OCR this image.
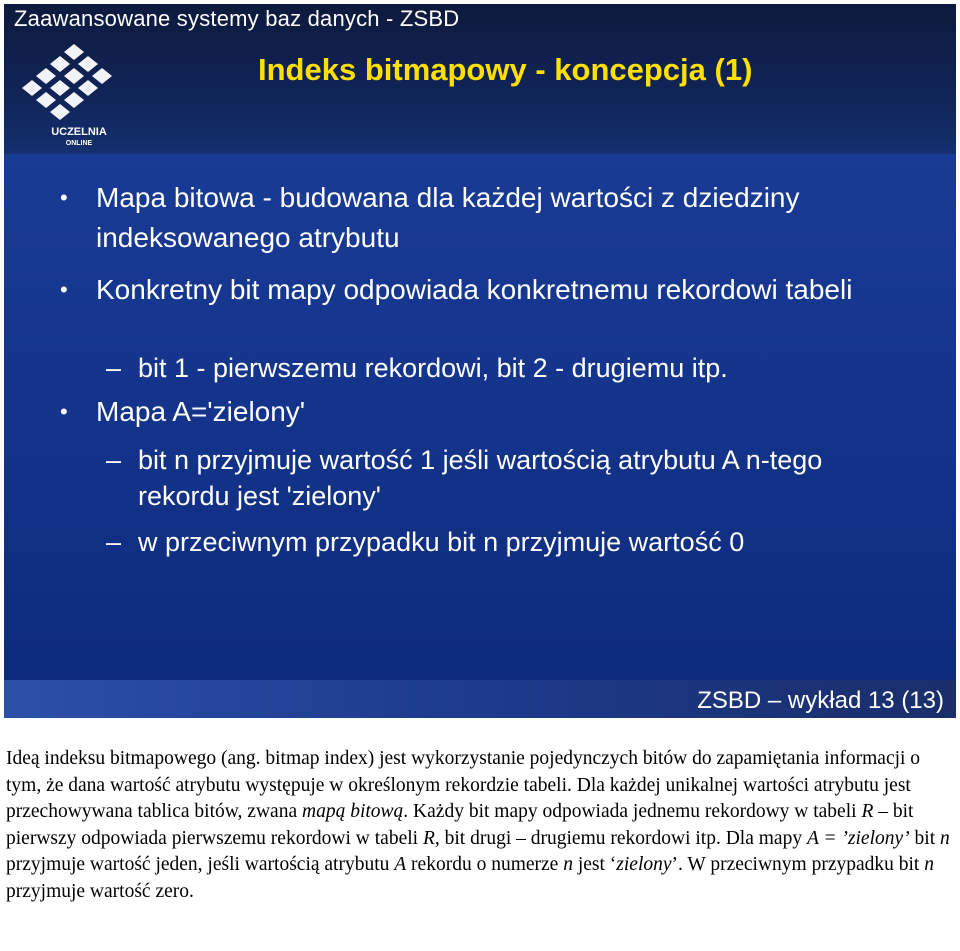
Zaawansowane systemy baz danych - ZSBD
UCZELNIA
ONLINE
Indeks bitmapowy - koncepcja (1)
• Mapa bitowa - budowana dla każdej wartości z dziedziny indeksowanego atrybutu
• Konkretny bit mapy odpowiada konkretnemu rekordowi tabeli
– bit 1 - pierwszemu rekordowi, bit 2 - drugiemu itp.
• Mapa A='zielony'
– bit n przyjmuje wartość 1 jeśli wartością atrybutu A n-tego rekordu jest 'zielony'
– w przeciwnym przypadku bit n przyjmuje wartość 0
ZSBD – wykład 13 (13)
Ideą indeksu bitmapowego (ang. bitmap index) jest wykorzystanie pojedynczych bitów do zapamiętania informacji o tym, że dana wartość atrybutu występuje w określonym rekordzie tabeli. Dla każdej unikalnej wartości atrybutu jest przechowywana tablica bitów, zwana mapą bitową. Każdy bit mapy odpowiada jednemu rekordowy w tabeli R – bit pierwszy odpowiada pierwszemu rekordowi w tabeli R, bit drugi – drugiemu rekordowi itp. Dla mapy A = ’zielony’ bit n przyjmuje wartość jeden, jeśli wartością atrybutu A rekordu o numerze n jest ‘zielony’. W przeciwnym przypadku bit n przyjmuje wartość zero.
